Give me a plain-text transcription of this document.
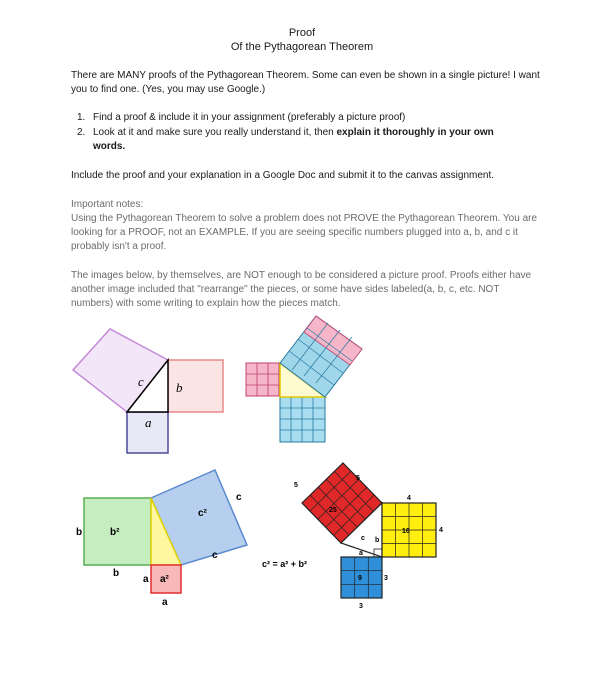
Proof
Of the Pythagorean Theorem
There are MANY proofs of the Pythagorean Theorem. Some can even be shown in a single picture! I want you to find one. (Yes, you may use Google.)
1. Find a proof & include it in your assignment (preferably a picture proof)
2. Look at it and make sure you really understand it, then explain it thoroughly in your own words.
Include the proof and your explanation in a Google Doc and submit it to the canvas assignment.
Important notes:
Using the Pythagorean Theorem to solve a problem does not PROVE the Pythagorean Theorem. You are looking for a PROOF, not an EXAMPLE. If you are seeing specific numbers plugged into a, b, and c it probably isn't a proof.
The images below, by themselves, are NOT enough to be considered a picture proof. Proofs either have another image included that "rearrange" the pieces, or some have sides labeled(a, b, c, etc. NOT numbers) with some writing to explain how the pieces match.
c b
a
b	b²
c²
c
c
b
a a²
a
5
5
25
4
4
16
c b
a
9	3
3
c² = a² + b²
